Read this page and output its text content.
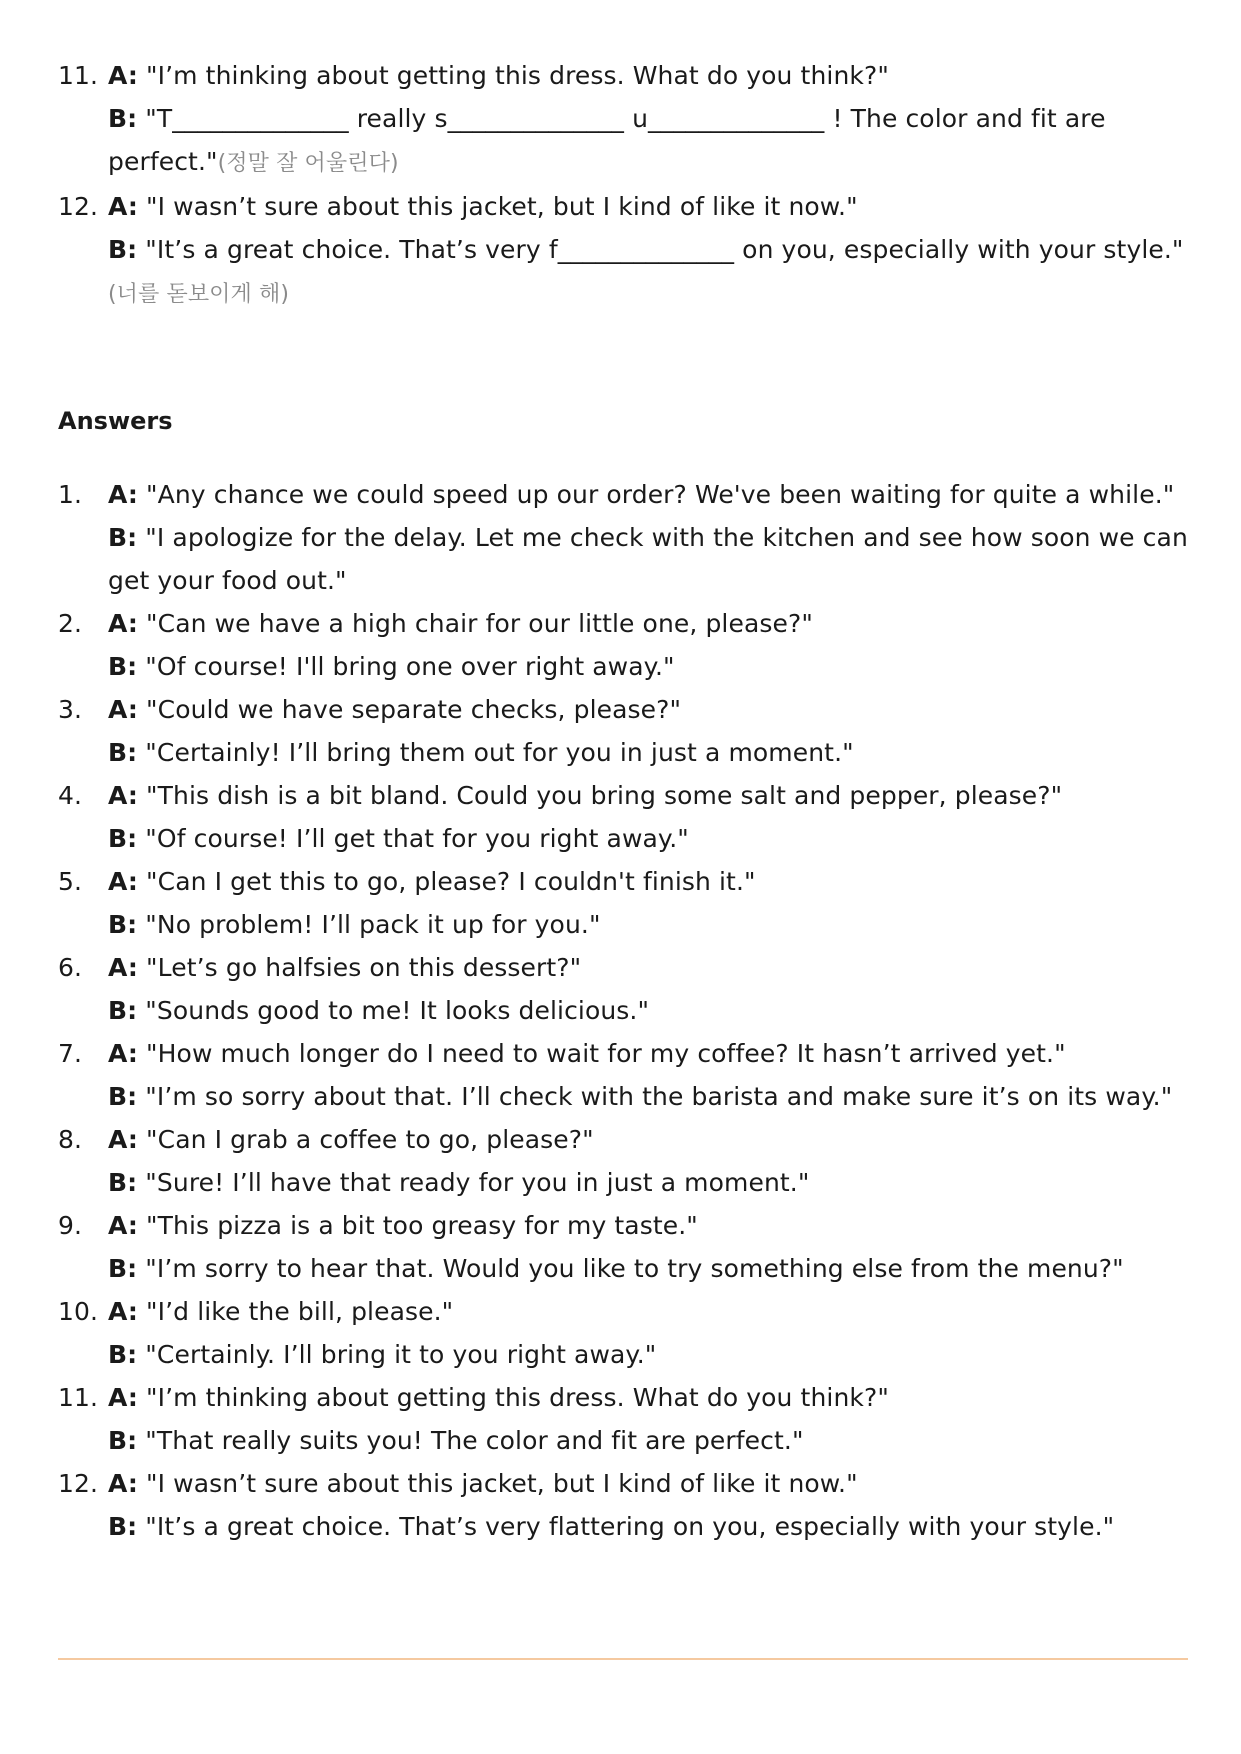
11. A: "I’m thinking about getting this dress. What do you think?"
B: "T______________ really s______________ u______________ ! The color and fit are perfect."(정말 잘 어울린다)
12. A: "I wasn’t sure about this jacket, but I kind of like it now."
B: "It’s a great choice. That’s very f______________ on you, especially with your style."(너를 돋보이게 해)
Answers
1.	A: "Any chance we could speed up our order? We've been waiting for quite a while."
B: "I apologize for the delay. Let me check with the kitchen and see how soon we can get your food out."
2.	A: "Can we have a high chair for our little one, please?"
B: "Of course! I'll bring one over right away."
3.	A: "Could we have separate checks, please?"
B: "Certainly! I’ll bring them out for you in just a moment."
4.	A: "This dish is a bit bland. Could you bring some salt and pepper, please?"
B: "Of course! I’ll get that for you right away."
5.	A: "Can I get this to go, please? I couldn't finish it."
B: "No problem! I’ll pack it up for you."
6.	A: "Let’s go halfsies on this dessert?"
B: "Sounds good to me! It looks delicious."
7.	A: "How much longer do I need to wait for my coffee? It hasn’t arrived yet."
B: "I’m so sorry about that. I’ll check with the barista and make sure it’s on its way."
8.	A: "Can I grab a coffee to go, please?"
B: "Sure! I’ll have that ready for you in just a moment."
9.	A: "This pizza is a bit too greasy for my taste."
B: "I’m sorry to hear that. Would you like to try something else from the menu?"
10. A: "I’d like the bill, please."
B: "Certainly. I’ll bring it to you right away."
11. A: "I’m thinking about getting this dress. What do you think?"
B: "That really suits you! The color and fit are perfect."
12. A: "I wasn’t sure about this jacket, but I kind of like it now."
B: "It’s a great choice. That’s very flattering on you, especially with your style."
